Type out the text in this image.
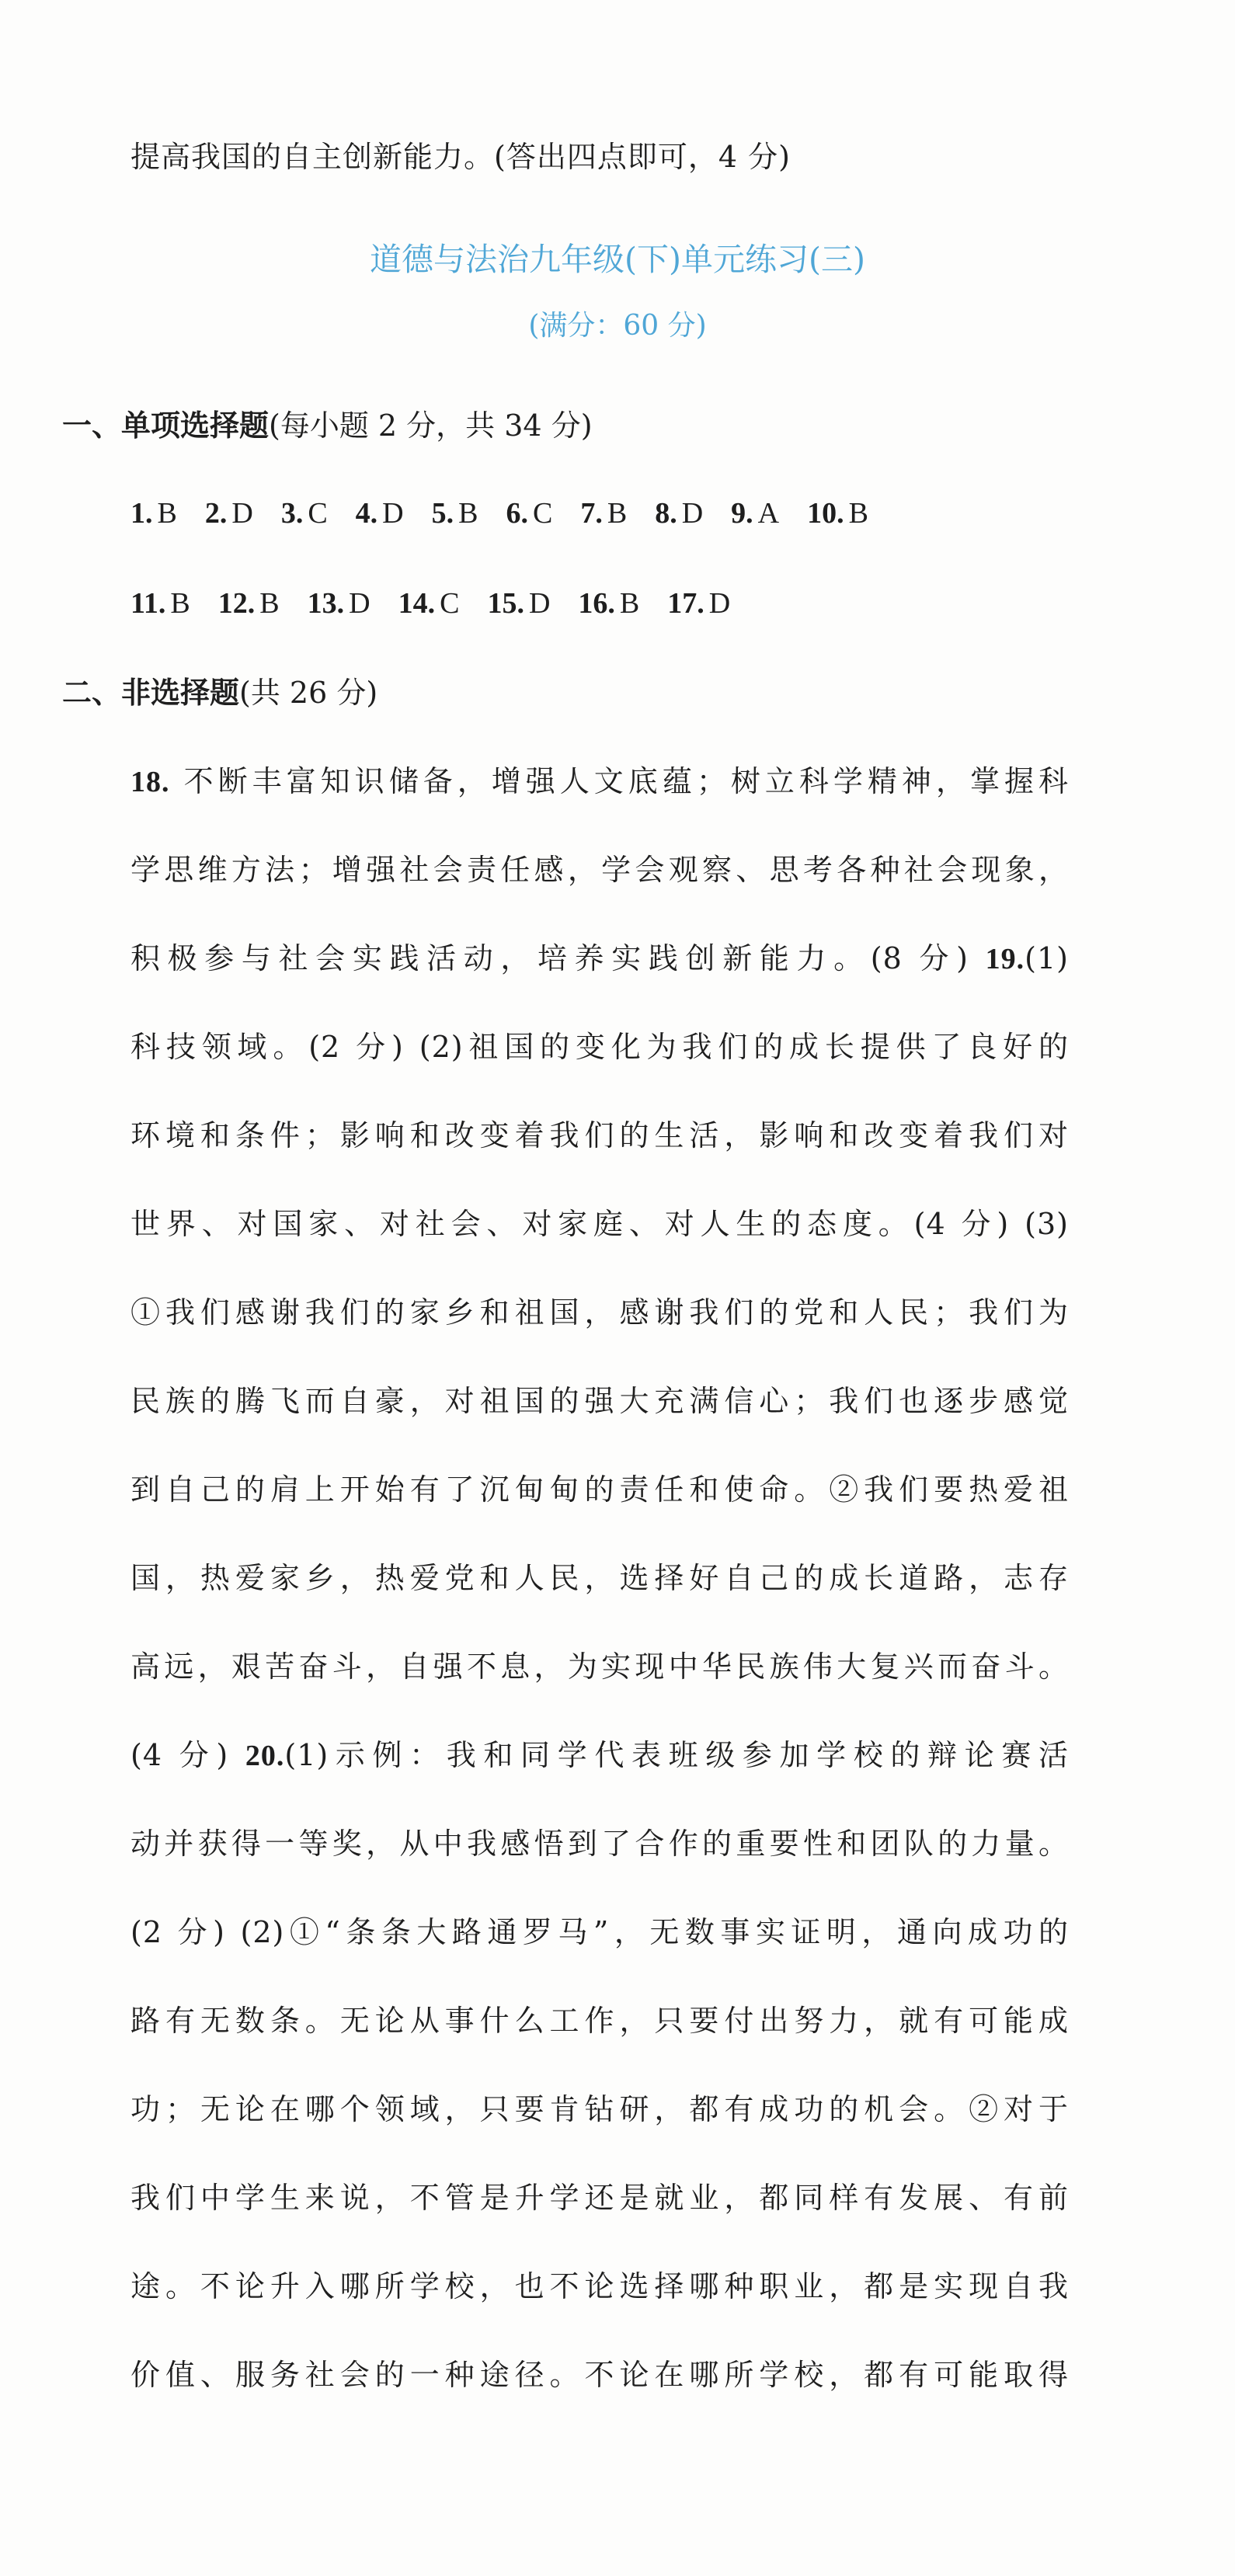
提高我国的自主创新能力。(答出四点即可，4 分)
道德与法治九年级(下)单元练习(三)
(满分：60 分)
一、单项选择题(每小题 2 分，共 34 分)
1. B 2. D 3. C 4. D 5. B 6. C 7. B 8. D 9. A 10. B
11. B 12. B 13. D 14. C 15. D 16. B 17. D
二、非选择题(共 26 分)
18. 不断丰富知识储备，增强人文底蕴；树立科学精神，掌握科
学思维方法；增强社会责任感，学会观察、思考各种社会现象，
积极参与社会实践活动，培养实践创新能力。(8 分) 19.(1)
科技领域。(2 分) (2)祖国的变化为我们的成长提供了良好的
环境和条件；影响和改变着我们的生活，影响和改变着我们对
世界、对国家、对社会、对家庭、对人生的态度。(4 分) (3)
①我们感谢我们的家乡和祖国，感谢我们的党和人民；我们为
民族的腾飞而自豪，对祖国的强大充满信心；我们也逐步感觉
到自己的肩上开始有了沉甸甸的责任和使命。②我们要热爱祖
国，热爱家乡，热爱党和人民，选择好自己的成长道路，志存
高远，艰苦奋斗，自强不息，为实现中华民族伟大复兴而奋斗。
(4 分) 20.(1)示例：我和同学代表班级参加学校的辩论赛活
动并获得一等奖，从中我感悟到了合作的重要性和团队的力量。
(2 分) (2)①“条条大路通罗马”，无数事实证明，通向成功的
路有无数条。无论从事什么工作，只要付出努力，就有可能成
功；无论在哪个领域，只要肯钻研，都有成功的机会。②对于
我们中学生来说，不管是升学还是就业，都同样有发展、有前
途。不论升入哪所学校，也不论选择哪种职业，都是实现自我
价值、服务社会的一种途径。不论在哪所学校，都有可能取得
